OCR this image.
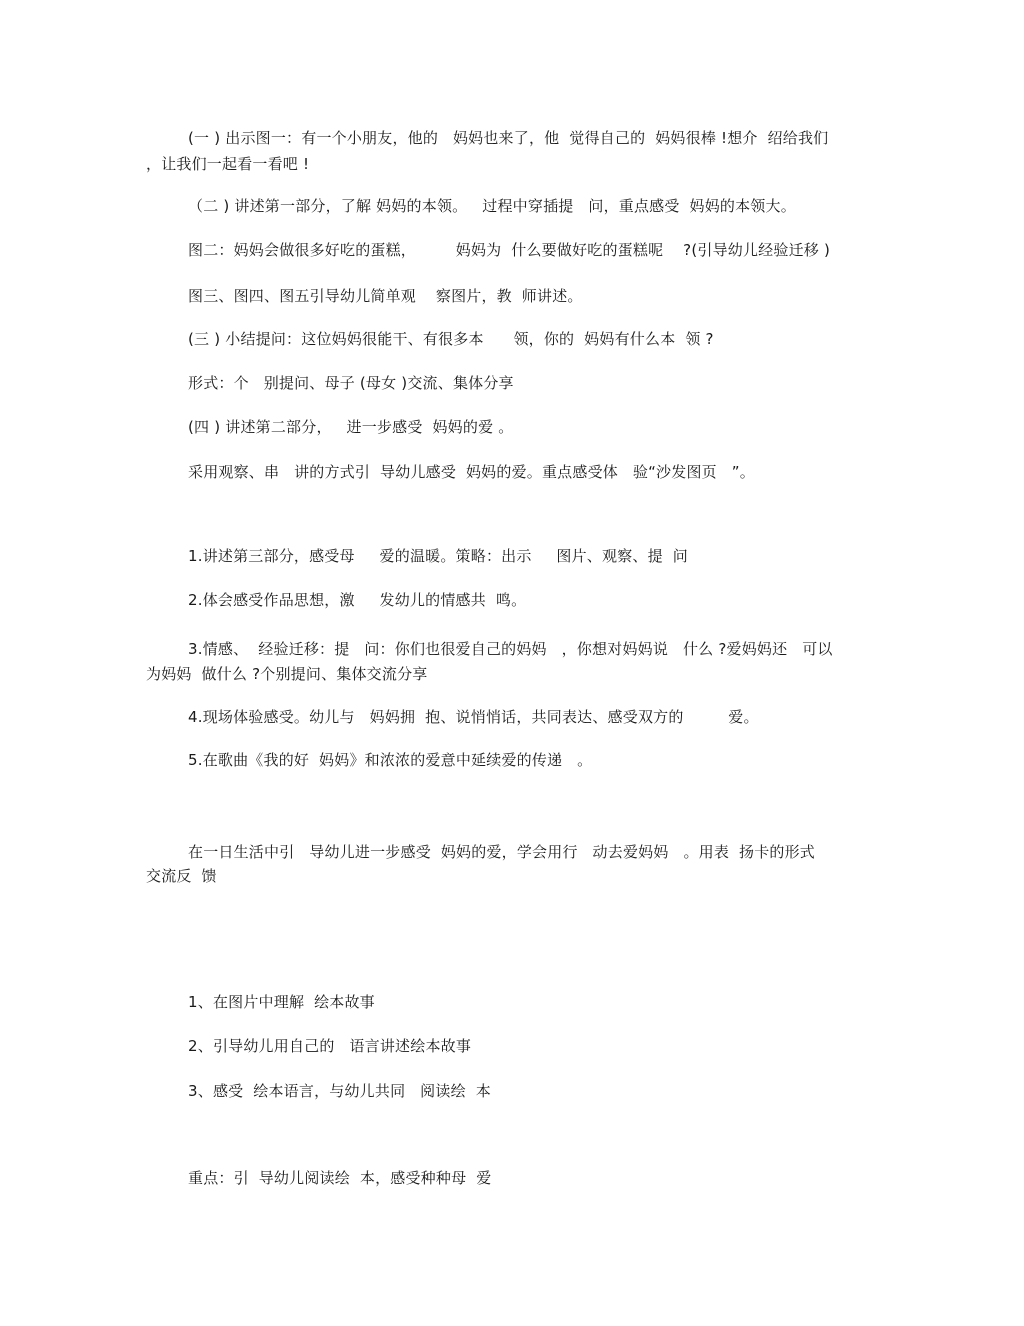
(一 ) 出示图一：有一个小朋友，他的   妈妈也来了，他  觉得自己的  妈妈很棒 !想介  绍给我们
，让我们一起看一看吧 !
（二 ) 讲述第一部分，了解 妈妈的本领。   过程中穿插提   问，重点感受  妈妈的本领大。
图二：妈妈会做很多好吃的蛋糕，        妈妈为  什么要做好吃的蛋糕呢    ?(引导幼儿经验迁移 )
图三、图四、图五引导幼儿简单观    察图片，教  师讲述。
(三 ) 小结提问：这位妈妈很能干、有很多本      领，你的  妈妈有什么本  领 ?
形式：个   别提问、母子 (母女 )交流、集体分享
(四 ) 讲述第二部分，   进一步感受  妈妈的爱 。
采用观察、串   讲的方式引  导幼儿感受  妈妈的爱。重点感受体   验“沙发图页   ”。
1.讲述第三部分，感受母     爱的温暖。策略：出示     图片、观察、提  问
2.体会感受作品思想，激     发幼儿的情感共  鸣。
3.情感、  经验迁移：提   问：你们也很爱自己的妈妈   ，你想对妈妈说   什么 ?爱妈妈还   可以
为妈妈  做什么 ?个别提问、集体交流分享
4.现场体验感受。幼儿与   妈妈拥  抱、说悄悄话，共同表达、感受双方的         爱。
5.在歌曲《我的好  妈妈》和浓浓的爱意中延续爱的传递   。
在一日生活中引   导幼儿进一步感受  妈妈的爱，学会用行   动去爱妈妈   。用表  扬卡的形式
交流反  馈
1、在图片中理解  绘本故事
2、引导幼儿用自己的   语言讲述绘本故事
3、感受  绘本语言，与幼儿共同   阅读绘  本
重点：引  导幼儿阅读绘  本，感受种种母  爱
